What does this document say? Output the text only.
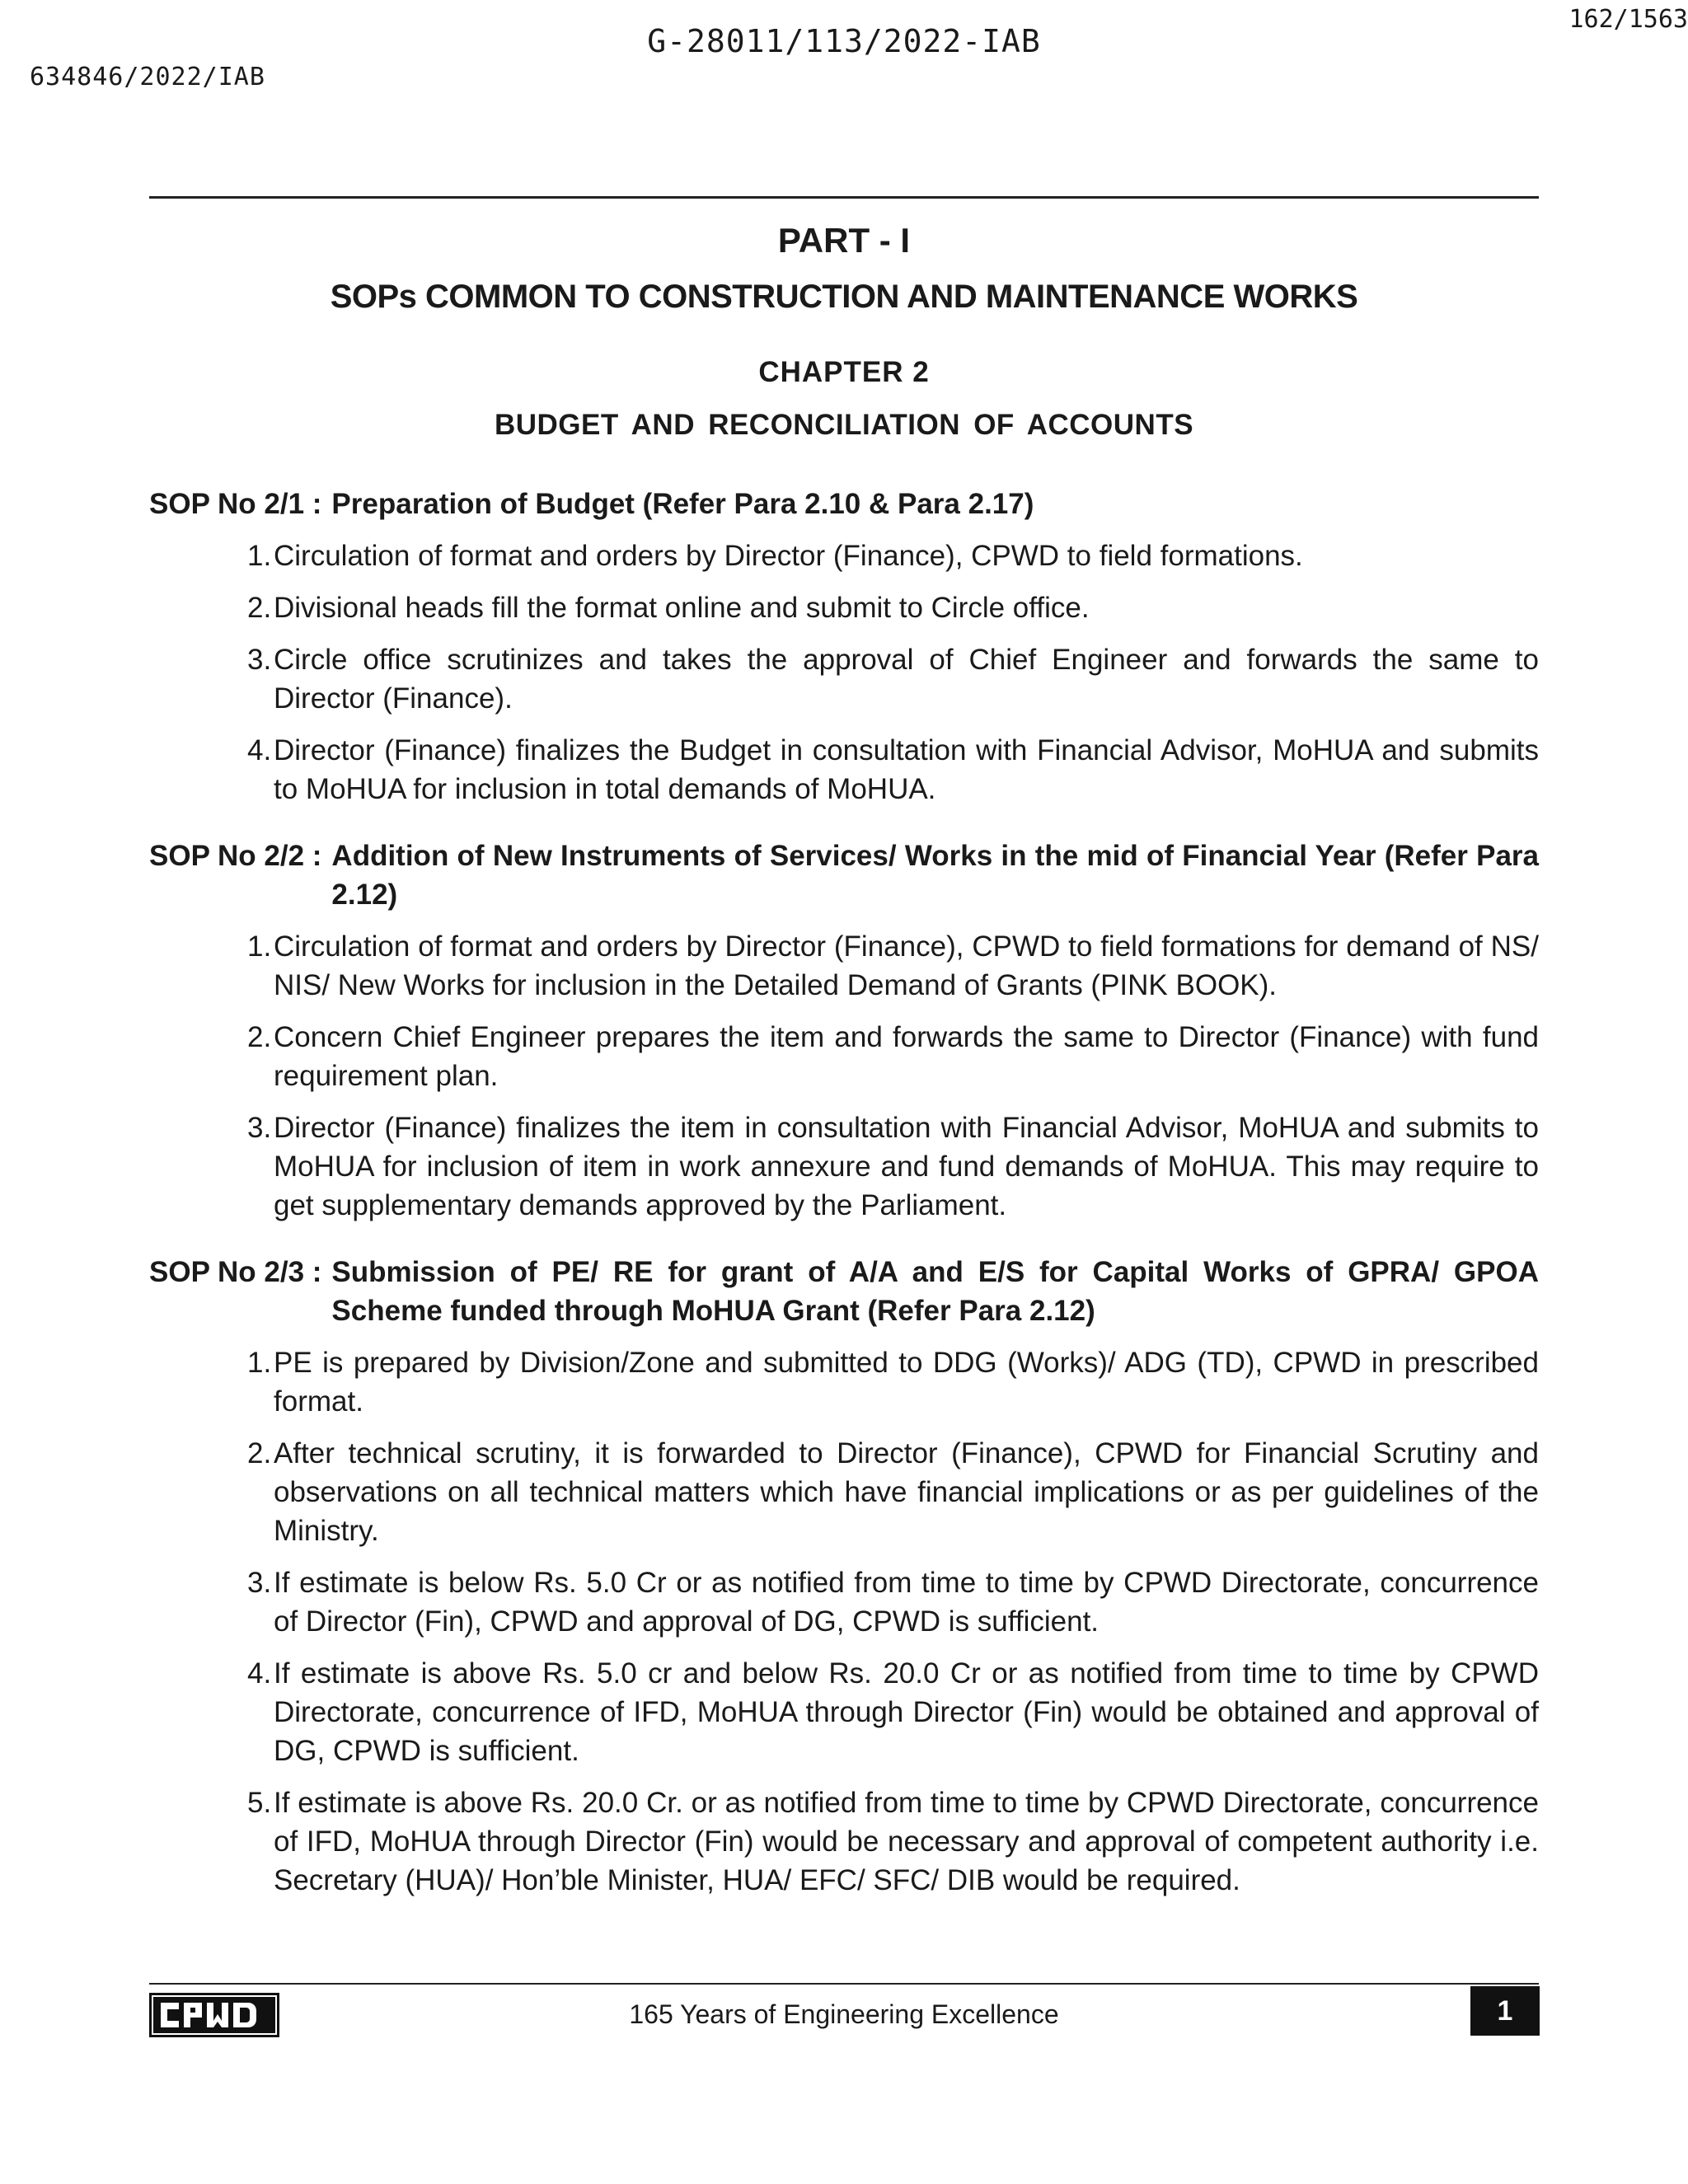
G-28011/113/2022-IAB
162/1563
634846/2022/IAB
PART - I
SOPs COMMON TO CONSTRUCTION AND MAINTENANCE WORKS
CHAPTER 2
BUDGET AND RECONCILIATION OF ACCOUNTS
SOP No 2/1 : Preparation of Budget (Refer Para 2.10 & Para 2.17)
1. Circulation of format and orders by Director (Finance), CPWD to field formations.
2. Divisional heads fill the format online and submit to Circle office.
3. Circle office scrutinizes and takes the approval of Chief Engineer and forwards the same to Director (Finance).
4. Director (Finance) finalizes the Budget in consultation with Financial Advisor, MoHUA and submits to MoHUA for inclusion in total demands of MoHUA.
SOP No 2/2 : Addition of New Instruments of Services/ Works in the mid of Financial Year (Refer Para 2.12)
1. Circulation of format and orders by Director (Finance), CPWD to field formations for demand of NS/ NIS/ New Works for inclusion in the Detailed Demand of Grants (PINK BOOK).
2. Concern Chief Engineer prepares the item and forwards the same to Director (Finance) with fund requirement plan.
3. Director (Finance) finalizes the item in consultation with Financial Advisor, MoHUA and submits to MoHUA for inclusion of item in work annexure and fund demands of MoHUA. This may require to get supplementary demands approved by the Parliament.
SOP No 2/3 : Submission of PE/ RE for grant of A/A and E/S for Capital Works of GPRA/ GPOA Scheme funded through MoHUA Grant (Refer Para 2.12)
1. PE is prepared by Division/Zone and submitted to DDG (Works)/ ADG (TD), CPWD in prescribed format.
2. After technical scrutiny, it is forwarded to Director (Finance), CPWD for Financial Scrutiny and observations on all technical matters which have financial implications or as per guidelines of the Ministry.
3. If estimate is below Rs. 5.0 Cr or as notified from time to time by CPWD Directorate, concurrence of Director (Fin), CPWD and approval of DG, CPWD is sufficient.
4. If estimate is above Rs. 5.0 cr and below Rs. 20.0 Cr or as notified from time to time by CPWD Directorate, concurrence of IFD, MoHUA through Director (Fin) would be obtained and approval of DG, CPWD is sufficient.
5. If estimate is above Rs. 20.0 Cr. or as notified from time to time by CPWD Directorate, concurrence of IFD, MoHUA through Director (Fin) would be necessary and approval of competent authority i.e. Secretary (HUA)/ Hon’ble Minister, HUA/ EFC/ SFC/ DIB would be required.
165 Years of Engineering Excellence	1
